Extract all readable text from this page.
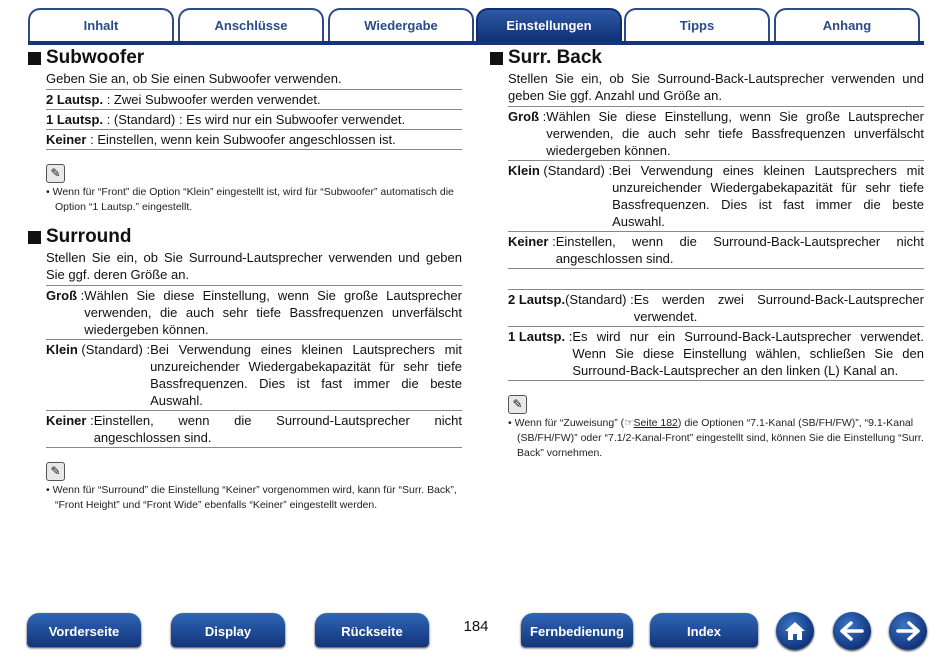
Inhalt	Anschlüsse	Wiedergabe	Einstellungen	Tipps	Anhang
Subwoofer

Geben Sie an, ob Sie einen Subwoofer verwenden.

2 Lautsp. : Zwei Subwoofer werden verwendet.
1 Lautsp. : (Standard) : Es wird nur ein Subwoofer verwendet.
Keiner : Einstellen, wenn kein Subwoofer angeschlossen ist.
✎
• Wenn für “Front” die Option “Klein” eingestellt ist, wird für “Subwoofer” automatisch die Option “1 Lautsp.” eingestellt.
Surround

Stellen Sie ein, ob Sie Surround-Lautsprecher verwenden und geben Sie ggf. deren Größe an.

Groß : Wählen Sie diese Einstellung, wenn Sie große Lautsprecher verwenden, die auch sehr tiefe Bassfrequenzen unverfälscht wiedergeben können.
Klein (Standard) : Bei Verwendung eines kleinen Lautsprechers mit unzureichender Wiedergabekapazität für sehr tiefe Bassfrequenzen. Dies ist fast immer die beste Auswahl.
Keiner : Einstellen, wenn die Surround-Lautsprecher nicht angeschlossen sind.
✎
• Wenn für “Surround” die Einstellung “Keiner” vorgenommen wird, kann für “Surr. Back”, “Front Height” und “Front Wide” ebenfalls “Keiner” eingestellt werden.
Surr. Back

Stellen Sie ein, ob Sie Surround-Back-Lautsprecher verwenden und geben Sie ggf. Anzahl und Größe an.

Groß : Wählen Sie diese Einstellung, wenn Sie große Lautsprecher verwenden, die auch sehr tiefe Bassfrequenzen unverfälscht wiedergeben können.
Klein (Standard) : Bei Verwendung eines kleinen Lautsprechers mit unzureichender Wiedergabekapazität für sehr tiefe Bassfrequenzen. Dies ist fast immer die beste Auswahl.
Keiner : Einstellen, wenn die Surround-Back-Lautsprecher nicht angeschlossen sind.
2 Lautsp.(Standard) : Es werden zwei Surround-Back-Lautsprecher verwendet.
1 Lautsp. : Es wird nur ein Surround-Back-Lautsprecher verwendet. Wenn Sie diese Einstellung wählen, schließen Sie den Surround-Back-Lautsprecher an den linken (L) Kanal an.
✎
• Wenn für “Zuweisung” (☞Seite 182) die Optionen “7.1-Kanal (SB/FH/FW)”, “9.1-Kanal (SB/FH/FW)” oder “7.1/2-Kanal-Front” eingestellt sind, können Sie die Einstellung “Surr. Back” vornehmen.
Vorderseite	Display	Rückseite	184	Fernbedienung	Index
